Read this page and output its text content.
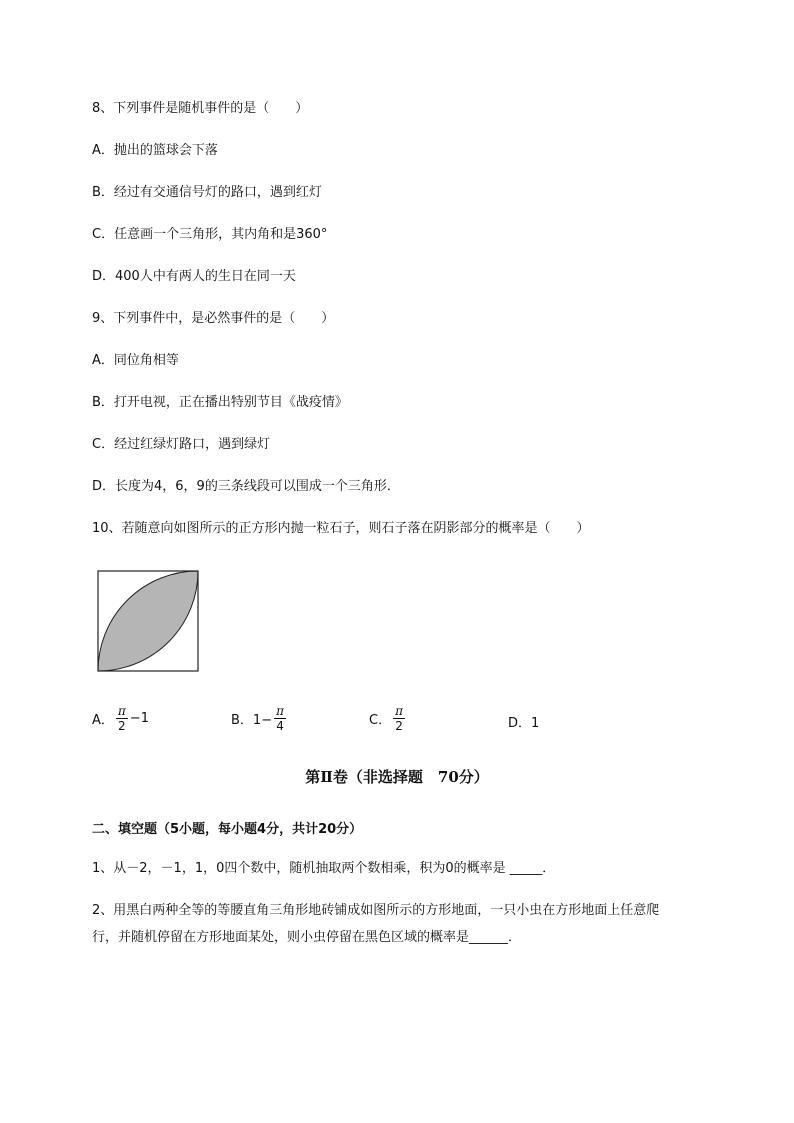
8、下列事件是随机事件的是（　　）
A．抛出的篮球会下落
B．经过有交通信号灯的路口，遇到红灯
C．任意画一个三角形，其内角和是360°
D．400人中有两人的生日在同一天
9、下列事件中，是必然事件的是（　　）
A．同位角相等
B．打开电视，正在播出特别节目《战疫情》
C．经过红绿灯路口，遇到绿灯
D．长度为4，6，9的三条线段可以围成一个三角形．
10、若随意向如图所示的正方形内抛一粒石子，则石子落在阴影部分的概率是（　　）
A． $\frac{\pi}{2} -1$	B．$1- \frac{\pi}{4}$	C． $\frac{\pi}{2}$	D．1
第Ⅱ卷（非选择题　70分）
二、填空题（5小题，每小题4分，共计20分）
1、从－2，－1，1，0四个数中，随机抽取两个数相乘，积为0的概率是 _____．
2、用黑白两种全等的等腰直角三角形地砖铺成如图所示的方形地面，一只小虫在方形地面上任意爬
行，并随机停留在方形地面某处，则小虫停留在黑色区域的概率是______．
